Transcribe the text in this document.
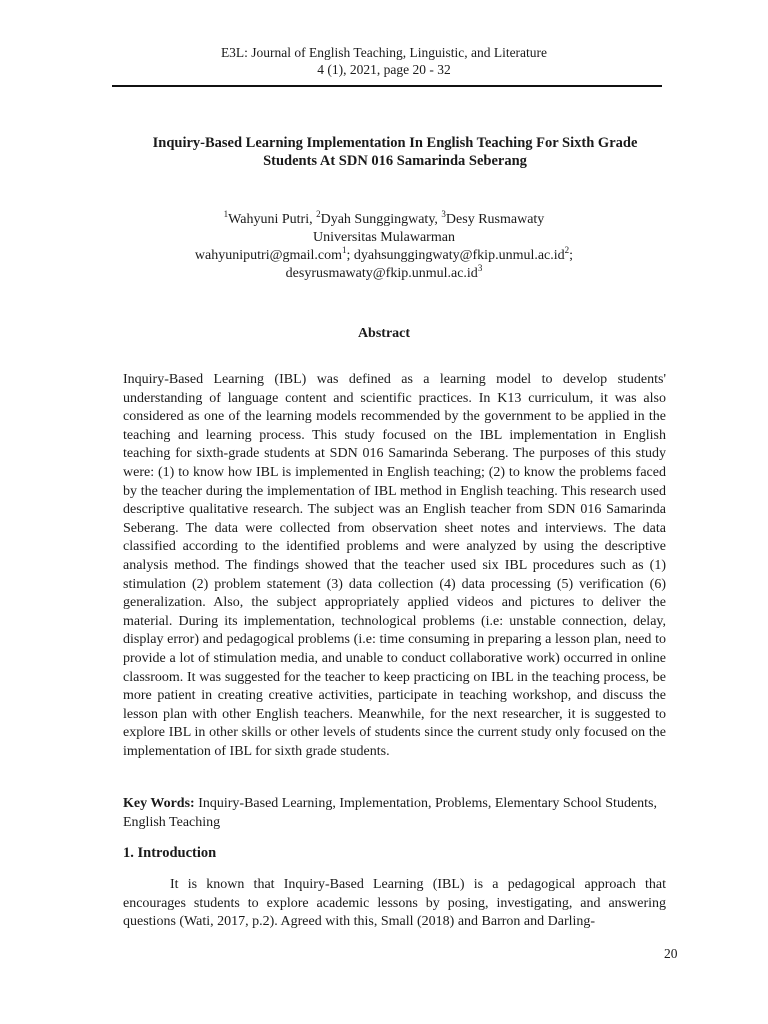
E3L: Journal of English Teaching, Linguistic, and Literature
4 (1), 2021, page 20 - 32
Inquiry-Based Learning Implementation In English Teaching For Sixth Grade
Students At SDN 016 Samarinda Seberang
$^1$Wahyuni Putri, $^2$Dyah Sunggingwaty, $^3$Desy Rusmawaty
Universitas Mulawarman
wahyuniputri@gmail.com$^1$; $dyahsunggingwaty@fkip.unmul.ac.id^2$;
$desyrusmawaty@fkip.unmul.ac.id^3$
Abstract
Inquiry-Based Learning (IBL) was defined as a learning model to develop students' understanding of language content and scientific practices. In K13 curriculum, it was also considered as one of the learning models recommended by the government to be applied in the teaching and learning process. This study focused on the IBL implementation in English teaching for sixth-grade students at SDN 016 Samarinda Seberang. The purposes of this study were: (1) to know how IBL is implemented in English teaching; (2) to know the problems faced by the teacher during the implementation of IBL method in English teaching. This research used descriptive qualitative research. The subject was an English teacher from SDN 016 Samarinda Seberang. The data were collected from observation sheet notes and interviews. The data classified according to the identified problems and were analyzed by using the descriptive analysis method. The findings showed that the teacher used six IBL procedures such as (1) stimulation (2) problem statement (3) data collection (4) data processing (5) verification (6) generalization. Also, the subject appropriately applied videos and pictures to deliver the material. During its implementation, technological problems (i.e: unstable connection, delay, display error) and pedagogical problems (i.e: time consuming in preparing a lesson plan, need to provide a lot of stimulation media, and unable to conduct collaborative work) occurred in online classroom. It was suggested for the teacher to keep practicing on IBL in the teaching process, be more patient in creating creative activities, participate in teaching workshop, and discuss the lesson plan with other English teachers. Meanwhile, for the next researcher, it is suggested to explore IBL in other skills or other levels of students since the current study only focused on the implementation of IBL for sixth grade students.
Key Words: Inquiry-Based Learning, Implementation, Problems, Elementary School Students, English Teaching
1. Introduction
It is known that Inquiry-Based Learning (IBL) is a pedagogical approach that encourages students to explore academic lessons by posing, investigating, and answering questions (Wati, 2017, p.2). Agreed with this, Small (2018) and Barron and Darling-
20
